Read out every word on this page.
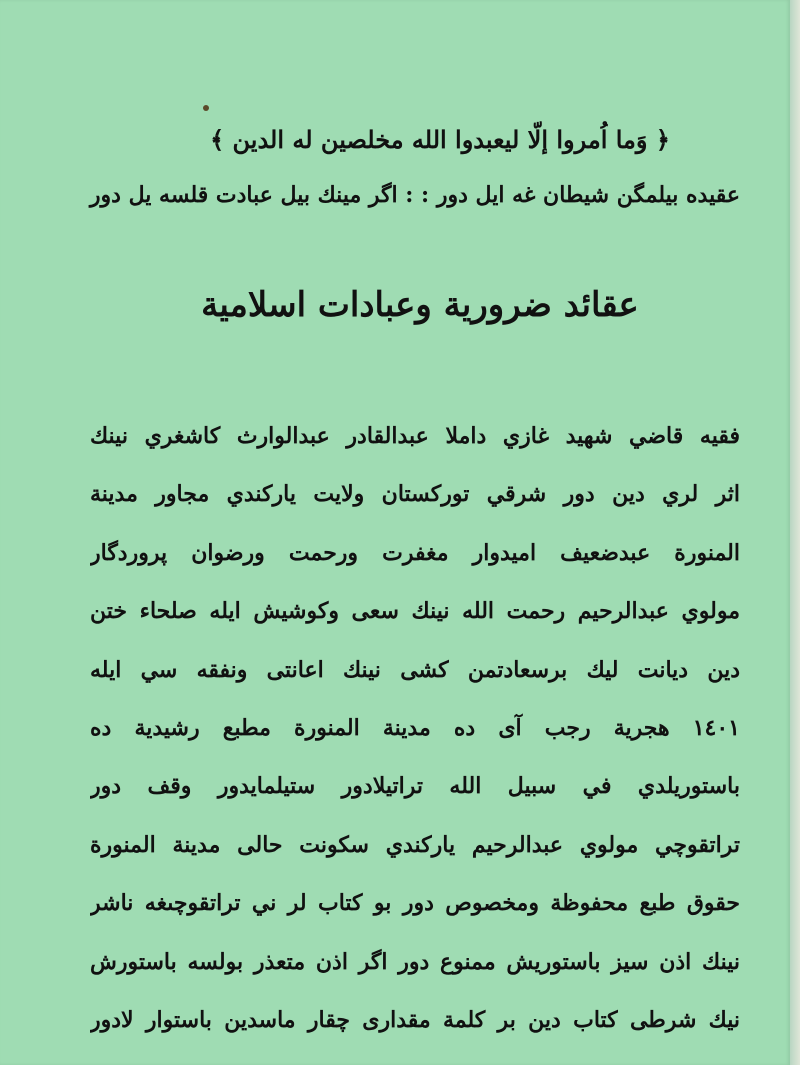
﴿ وَما اُمروا إلّا ليعبدوا الله مخلصين له الدين ﴾
عقيده بيلمگن شيطان غه ايل دور : : اگر مينك بيل عبادت قلسه يل دور
عقائد ضرورية وعبادات اسلامية
فقيه قاضي شهيد غازي داملا عبدالقادر عبدالوارث كاشغري نينك
اثر لري دين دور شرقي توركستان ولايت ياركندي مجاور مدينة
المنورة عبدضعيف اميدوار مغفرت ورحمت ورضوان پروردگار
مولوي عبدالرحيم رحمت الله نينك سعی وكوشيش ايله صلحاء ختن
دين ديانت ليك برسعادتمن كشی نينك اعانتی ونفقه سي ايله
١٤٠١ هجرية رجب آی ده مدينة المنورة مطبع رشيدية ده
باستوريلدي في سبيل الله تراتيلادور ستيلمايدور وقف دور
تراتقوچي مولوي عبدالرحيم ياركندي سكونت حالى مدينة المنورة
حقوق طبع محفوظة ومخصوص دور بو كتاب لر ني تراتقوچىغه ناشر
نينك اذن سيز باستوريش ممنوع دور اگر اذن متعذر بولسه باستورش
نيك شرطی كتاب دين بر كلمة مقداری چقار ماسدين باستوار لادور
